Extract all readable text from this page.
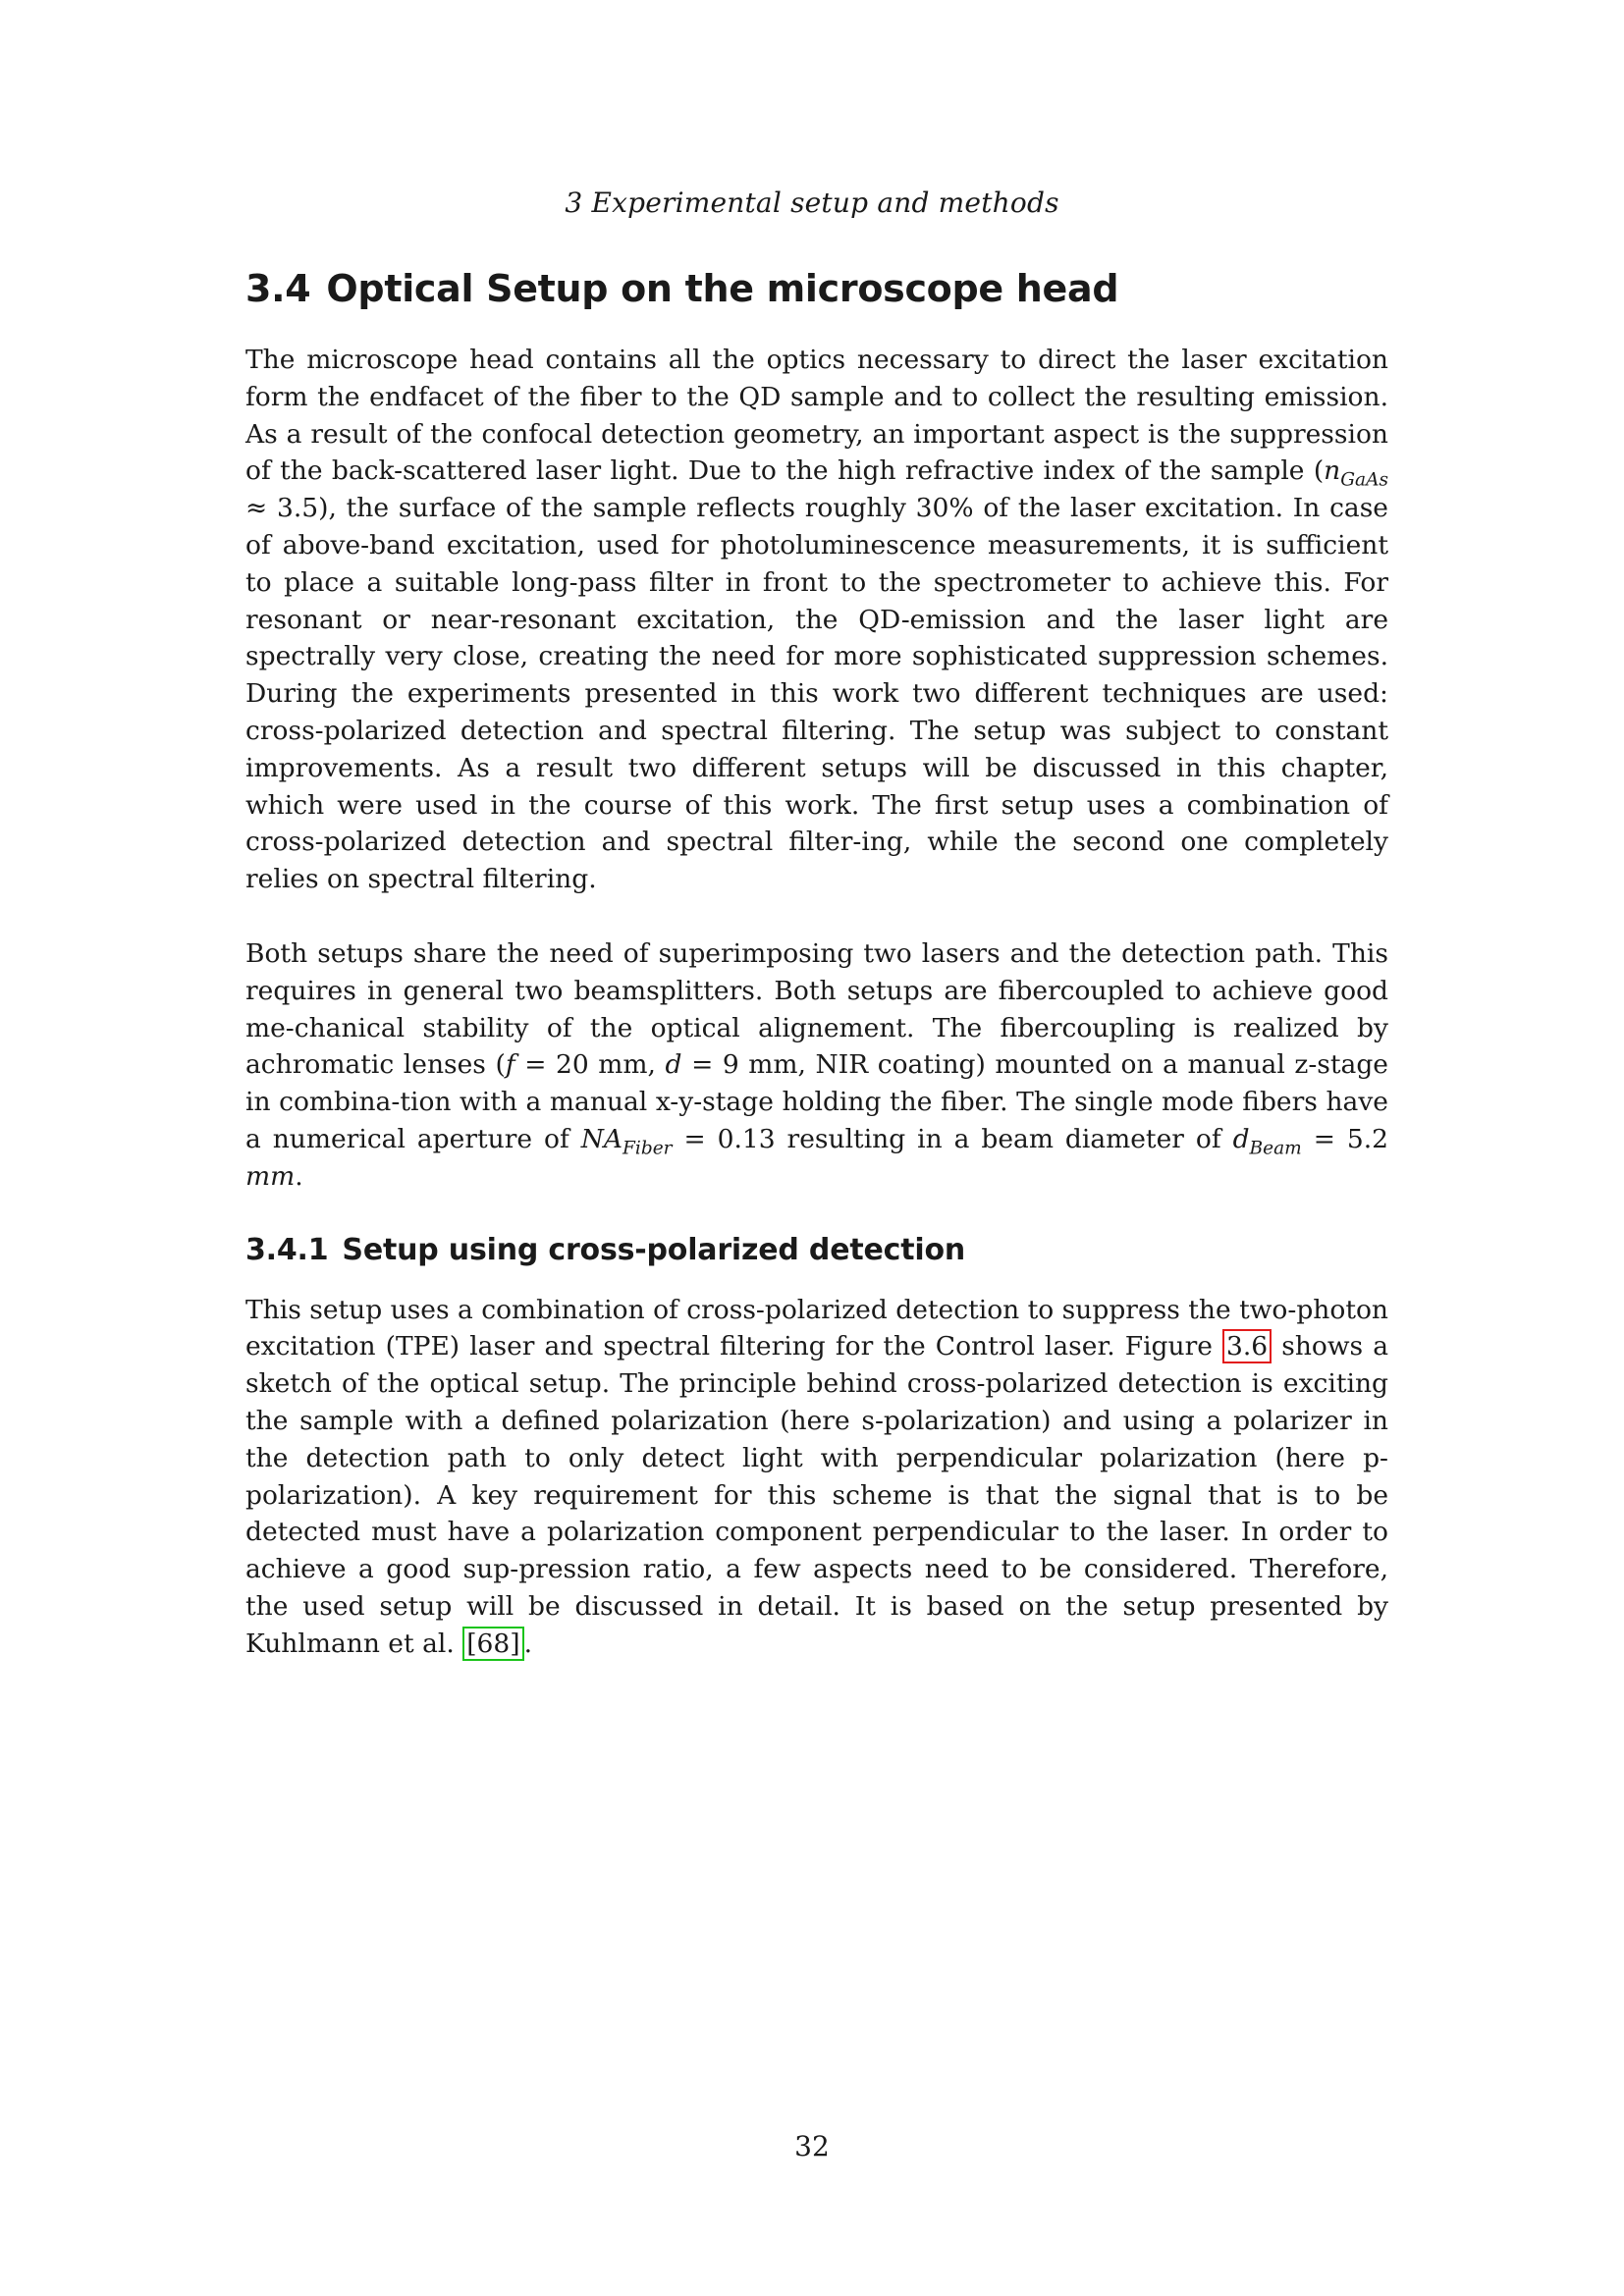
3 Experimental setup and methods
3.4 Optical Setup on the microscope head

The microscope head contains all the optics necessary to direct the laser excitation form the endfacet of the fiber to the QD sample and to collect the resulting emission. As a result of the confocal detection geometry, an important aspect is the suppression of the back-scattered laser light. Due to the high refractive index of the sample $(n_{GaAs} \approx 3.5)$, the surface of the sample reflects roughly 30% of the laser excitation. In case of above-band excitation, used for photoluminescence measurements, it is sufficient to place a suitable long-pass filter in front to the spectrometer to achieve this. For resonant or near-resonant excitation, the QD-emission and the laser light are spectrally very close, creating the need for more sophisticated suppression schemes. During the experiments presented in this work two different techniques are used: cross-polarized detection and spectral filtering. The setup was subject to constant improvements. As a result two different setups will be discussed in this chapter, which were used in the course of this work. The first setup uses a combination of cross-polarized detection and spectral filter-ing, while the second one completely relies on spectral filtering.

Both setups share the need of superimposing two lasers and the detection path. This requires in general two beamsplitters. Both setups are fibercoupled to achieve good me-chanical stability of the optical alignement. The fibercoupling is realized by achromatic lenses (f = 20 mm, d = 9 mm, NIR coating) mounted on a manual z-stage in combina-tion with a manual x-y-stage holding the fiber. The single mode fibers have a numerical aperture of $NA_{Fiber} = 0.13$ resulting in a beam diameter of $d_{Beam} = 5.2$ mm.

3.4.1 Setup using cross-polarized detection

This setup uses a combination of cross-polarized detection to suppress the two-photon excitation (TPE) laser and spectral filtering for the Control laser. Figure 3.6 shows a sketch of the optical setup. The principle behind cross-polarized detection is exciting the sample with a defined polarization (here s-polarization) and using a polarizer in the detection path to only detect light with perpendicular polarization (here p-polarization). A key requirement for this scheme is that the signal that is to be detected must have a polarization component perpendicular to the laser. In order to achieve a good sup-pression ratio, a few aspects need to be considered. Therefore, the used setup will be discussed in detail. It is based on the setup presented by Kuhlmann et al. [68] .

32
